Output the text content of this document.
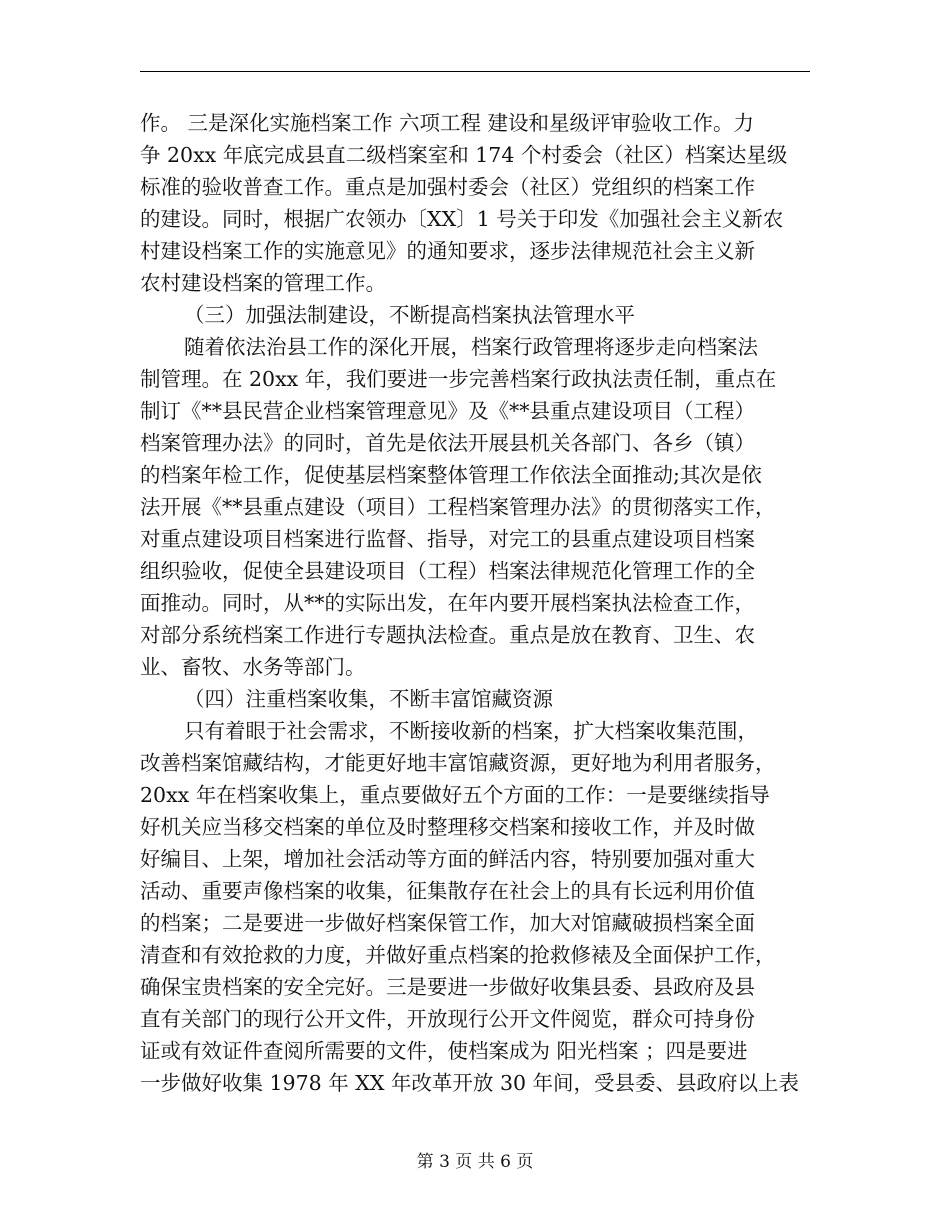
作。 三是深化实施档案工作 六项工程 建设和星级评审验收工作。力
争 20xx 年底完成县直二级档案室和 174 个村委会（社区）档案达星级
标准的验收普查工作。重点是加强村委会（社区）党组织的档案工作
的建设。同时，根据广农领办〔XX〕1 号关于印发《加强社会主义新农
村建设档案工作的实施意见》的通知要求，逐步法律规范社会主义新
农村建设档案的管理工作。
（三）加强法制建设，不断提高档案执法管理水平
随着依法治县工作的深化开展，档案行政管理将逐步走向档案法
制管理。在 20xx 年，我们要进一步完善档案行政执法责任制，重点在
制订《**县民营企业档案管理意见》及《**县重点建设项目（工程）
档案管理办法》的同时，首先是依法开展县机关各部门、各乡（镇）
的档案年检工作，促使基层档案整体管理工作依法全面推动;其次是依
法开展《**县重点建设（项目）工程档案管理办法》的贯彻落实工作，
对重点建设项目档案进行监督、指导，对完工的县重点建设项目档案
组织验收，促使全县建设项目（工程）档案法律规范化管理工作的全
面推动。同时，从**的实际出发，在年内要开展档案执法检查工作，
对部分系统档案工作进行专题执法检查。重点是放在教育、卫生、农
业、畜牧、水务等部门。
（四）注重档案收集，不断丰富馆藏资源
只有着眼于社会需求，不断接收新的档案，扩大档案收集范围，
改善档案馆藏结构，才能更好地丰富馆藏资源，更好地为利用者服务，
20xx 年在档案收集上，重点要做好五个方面的工作：一是要继续指导
好机关应当移交档案的单位及时整理移交档案和接收工作，并及时做
好编目、上架，增加社会活动等方面的鲜活内容，特别要加强对重大
活动、重要声像档案的收集，征集散存在社会上的具有长远利用价值
的档案；二是要进一步做好档案保管工作，加大对馆藏破损档案全面
清查和有效抢救的力度，并做好重点档案的抢救修裱及全面保护工作，
确保宝贵档案的安全完好。三是要进一步做好收集县委、县政府及县
直有关部门的现行公开文件，开放现行公开文件阅览，群众可持身份
证或有效证件查阅所需要的文件，使档案成为 阳光档案 ；四是要进
一步做好收集 1978 年 XX 年改革开放 30 年间，受县委、县政府以上表
第 3 页 共 6 页
